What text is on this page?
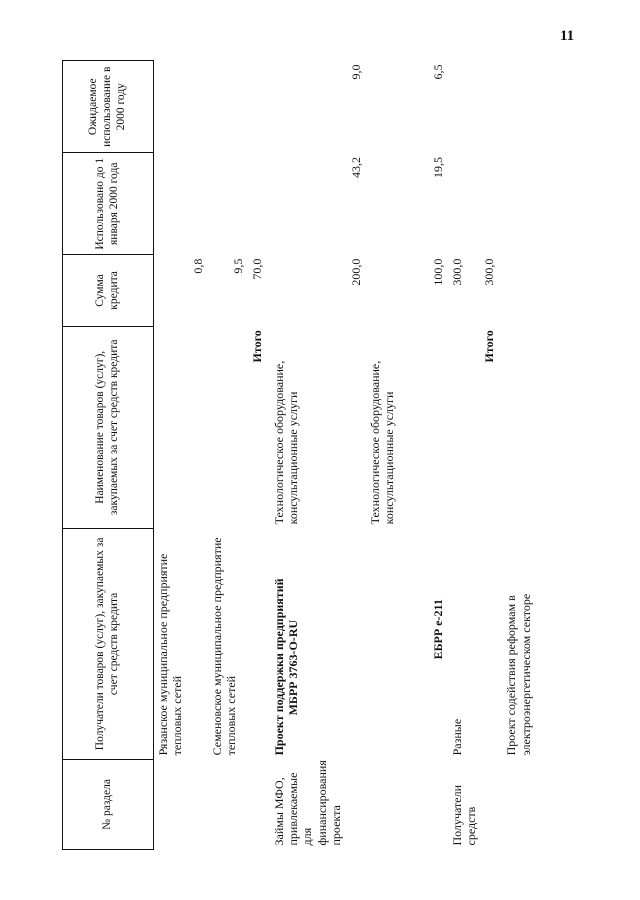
11
№ раздела	Получатели товаров (услуг), закупаемых за счет средств кредита	Наименование товаров (услуг), закупаемых за счет средств кредита	Сумма кредита	Использовано до 1 января 2000 года	Ожидаемое использование в 2000 году
	Рязанское муниципальное предприятие тепловых сетей		0,8		
	Семеновское муниципальное предприятие тепловых сетей		9,5		
		Итого	70,0		
Займы МФО, привлекаемые для финансирования проекта	Проект поддержки предприятий МБРР 3763-O-RU	Технологическое оборудование, консультационные услуги	200,0	43,2	9,0
	ЕБРР e-211	Технологическое оборудование, консультационные услуги	100,0	19,5	6,5
Получатели средств	Разные		300,0		
		Итого	300,0		
	Проект содействия реформам в электроэнергетическом секторе				
